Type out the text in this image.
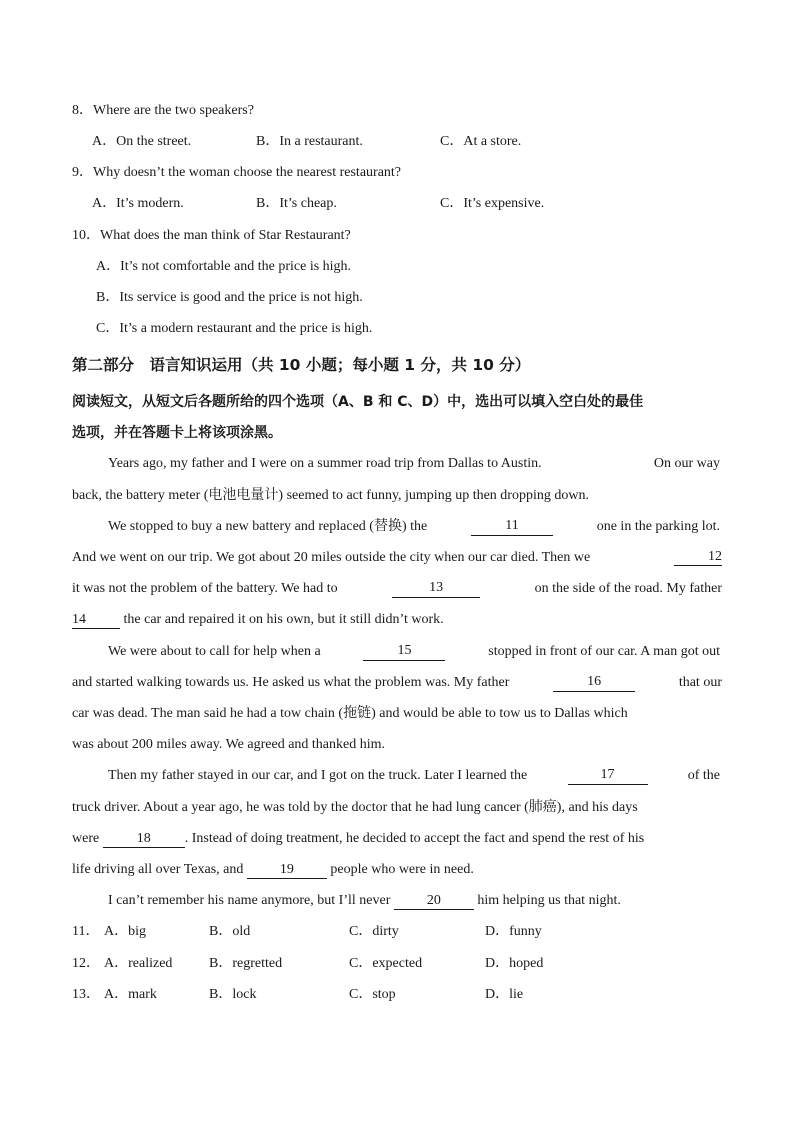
8．Where are the two speakers?
A．On the street.	B．In a restaurant.	C．At a store.
9．Why doesn’t the woman choose the nearest restaurant?
A．It’s modern.	B．It’s cheap.	C．It’s expensive.
10．What does the man think of Star Restaurant?
A．It’s not comfortable and the price is high.
B．Its service is good and the price is not high.
C．It’s a modern restaurant and the price is high.
第二部分　语言知识运用（共 10 小题；每小题 1 分，共 10 分）
阅读短文，从短文后各题所给的四个选项（A、B 和 C、D）中，选出可以填入空白处的最佳
选项，并在答题卡上将该项涂黑。
Years ago, my father and I were on a summer road trip from Dallas to Austin.	On our way
back, the battery meter (电池电量计) seemed to act funny, jumping up then dropping down.
We stopped to buy a new battery and replaced (替换) the	11	one in the parking lot.
And we went on our trip. We got about 20 miles outside the city when our car died. Then we	12
it was not the problem of the battery. We had to	13	on the side of the road. My father
14	the car and repaired it on his own, but it still didn’t work.
We were about to call for help when a	15	stopped in front of our car. A man got out
and started walking towards us. He asked us what the problem was. My father	16	that our
car was dead. The man said he had a tow chain (拖链) and would be able to tow us to Dallas which
was about 200 miles away. We agreed and thanked him.
Then my father stayed in our car, and I got on the truck. Later I learned the	17	of the
truck driver. About a year ago, he was told by the doctor that he had lung cancer (肺癌), and his days
were	18 . Instead of doing treatment, he decided to accept the fact and spend the rest of his
life driving all over Texas, and	19	people who were in need.
I can’t remember his name anymore, but I’ll never	20	him helping us that night.
11． A．big	B．old	C．dirty	D．funny
12． A．realized	B．regretted	C．expected	D．hoped
13． A．mark	B．lock	C．stop	D．lie
